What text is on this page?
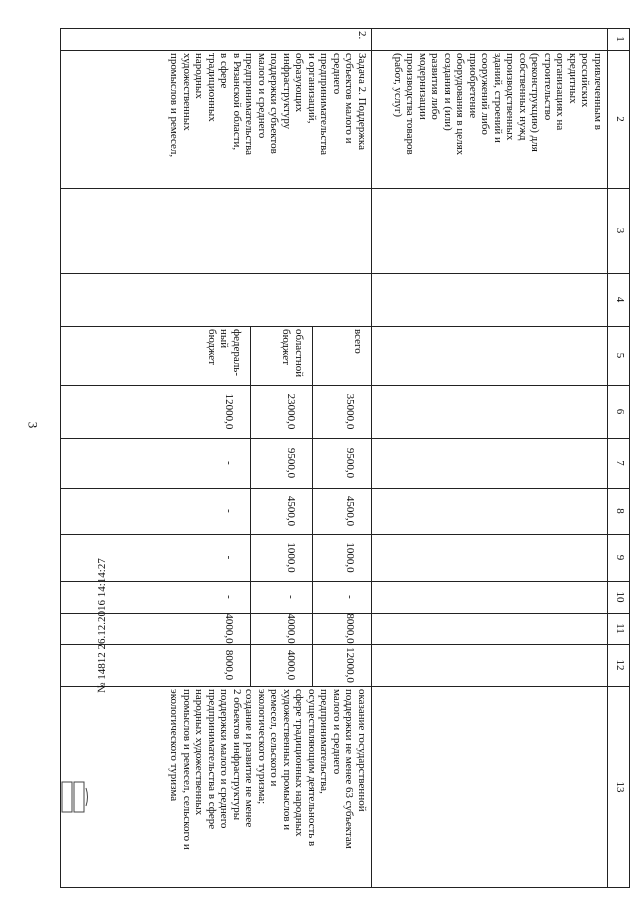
3
1
2
3
4
5
6
7
8
9
10
11
12
13
привлеченным в
российских
кредитных
организациях на
строительство
(реконструкцию) для
собственных нужд
производственных
зданий, строений и
сооружений либо
приобретение
оборудования в целях
создания и (или)
развития либо
модернизации
производства товаров
(работ, услуг)
2.
Задача 2. Поддержка
субъектов малого и
среднего
предпринимательства
и организаций,
образующих
инфраструктуру
поддержки субъектов
малого и среднего
предпринимательства
в Рязанской области,
в сфере
традиционных
народных
художественных
промыслов и ремесел,
всего
35000,0
9500,0
4500,0
1000,0
-
8000,0
12000,0
областной
бюджет
23000,0
9500,0
4500,0
1000,0
-
4000,0
4000,0
федераль-
ный
бюджет
12000,0
-
-
-
-
4000,0
8000,0
оказание государственной
поддержки не менее 63 субъектам
малого и среднего
предпринимательства,
осуществляющим деятельность в
сфере традиционных народных
художественных промыслов и
ремесел, сельского и
экологического туризма;
создание и развитие не менее
2 объектов инфраструктуры
поддержки малого и среднего
предпринимательства в сфере
народных художественных
промыслов и ремесел, сельского и
экологического туризма
№ 14812 26.12.2016 14:14:27
